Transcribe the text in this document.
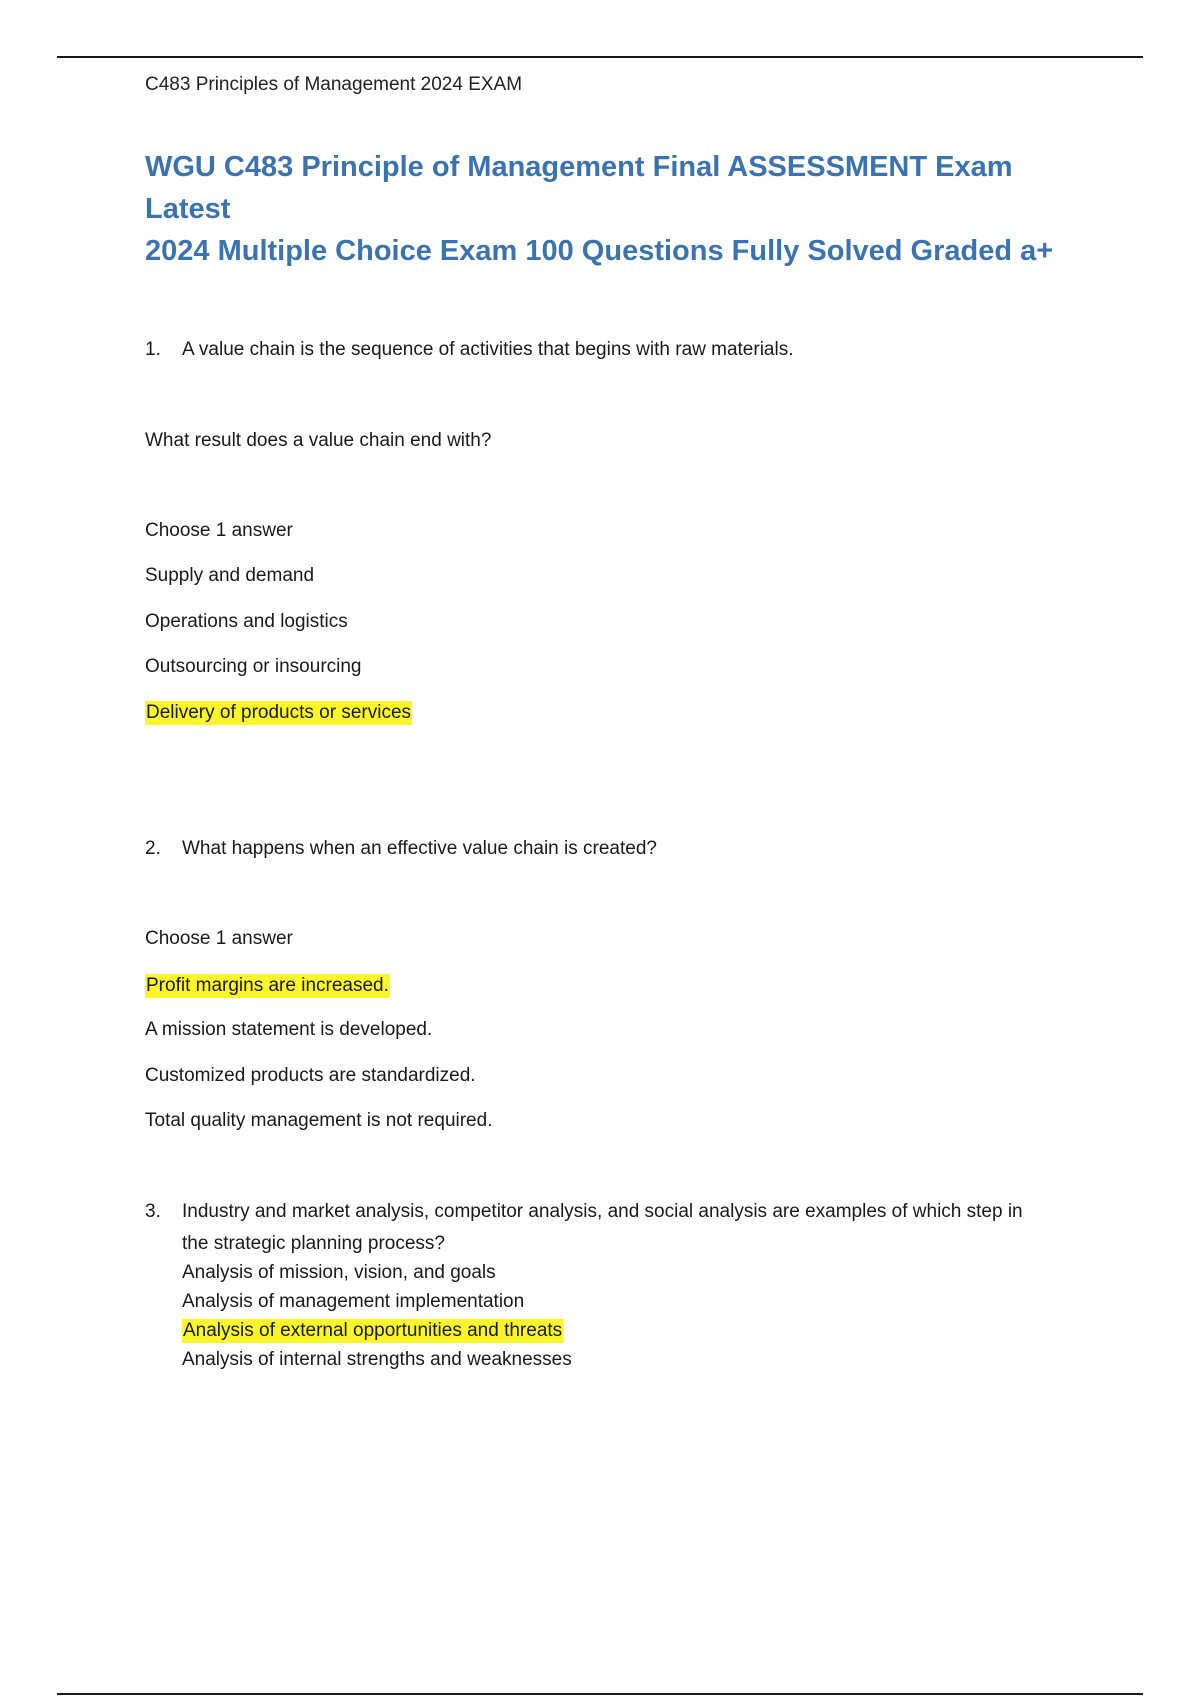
C483 Principles of Management 2024 EXAM
WGU C483 Principle of Management Final ASSESSMENT Exam Latest
2024 Multiple Choice Exam 100 Questions Fully Solved Graded a+
1. A value chain is the sequence of activities that begins with raw materials.
What result does a value chain end with?
Choose 1 answer
Supply and demand
Operations and logistics
Outsourcing or insourcing
Delivery of products or services
2. What happens when an effective value chain is created?
Choose 1 answer
Profit margins are increased.
A mission statement is developed.
Customized products are standardized.
Total quality management is not required.
3. Industry and market analysis, competitor analysis, and social analysis are examples of which step in
the strategic planning process?
Analysis of mission, vision, and goals
Analysis of management implementation
Analysis of external opportunities and threats
Analysis of internal strengths and weaknesses
